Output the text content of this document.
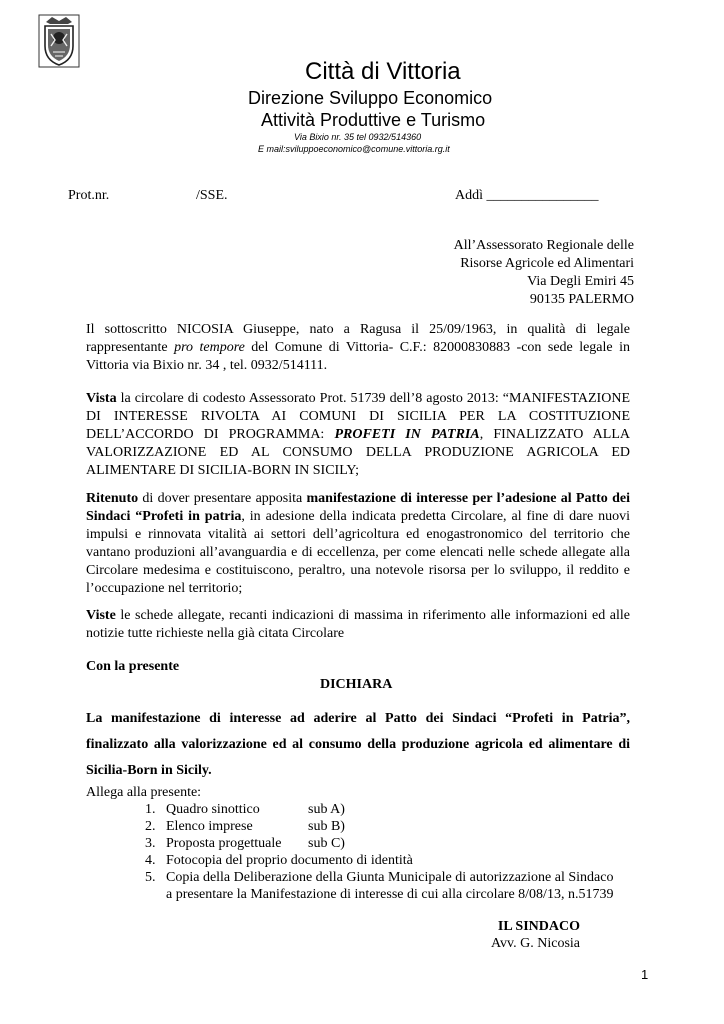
Città di Vittoria
Direzione Sviluppo Economico
Attività Produttive e Turismo
Via Bixio nr. 35 tel 0932/514360
E mail:sviluppoeconomico@comune.vittoria.rg.it
Prot.nr.	/SSE.	Addì ________________
All’Assessorato Regionale delle
Risorse Agricole ed Alimentari
Via Degli Emiri 45
90135 PALERMO
Il sottoscritto NICOSIA Giuseppe, nato a Ragusa il 25/09/1963, in qualità di legale rappresentante pro tempore del Comune di Vittoria- C.F.: 82000830883 -con sede legale in Vittoria via Bixio nr. 34 , tel. 0932/514111.
Vista la circolare di codesto Assessorato Prot. 51739 dell’8 agosto 2013: “MANIFESTAZIONE DI INTERESSE RIVOLTA AI COMUNI DI SICILIA PER LA COSTITUZIONE DELL’ACCORDO DI PROGRAMMA: PROFETI IN PATRIA, FINALIZZATO ALLA VALORIZZAZIONE ED AL CONSUMO DELLA PRODUZIONE AGRICOLA ED ALIMENTARE DI SICILIA-BORN IN SICILY;
Ritenuto di dover presentare apposita manifestazione di interesse per l’adesione al Patto dei Sindaci “Profeti in patria, in adesione della indicata predetta Circolare, al fine di dare nuovi impulsi e rinnovata vitalità ai settori dell’agricoltura ed enogastronomico del territorio che vantano produzioni all’avanguardia e di eccellenza, per come elencati nelle schede allegate alla Circolare medesima e costituiscono, peraltro, una notevole risorsa per lo sviluppo, il reddito e l’occupazione nel territorio;
Viste le schede allegate, recanti indicazioni di massima in riferimento alle informazioni ed alle notizie tutte richieste nella già citata Circolare
Con la presente
DICHIARA
La manifestazione di interesse ad aderire al Patto dei Sindaci “Profeti in Patria”,
finalizzato alla valorizzazione ed al consumo della produzione agricola ed alimentare di
Sicilia-Born in Sicily.
Allega alla presente:
1. Quadro sinottico	sub A)
2. Elenco imprese	sub B)
3. Proposta progettuale sub C)
4. Fotocopia del proprio documento di identità
5. Copia della Deliberazione della Giunta Municipale di autorizzazione al Sindaco
a presentare la Manifestazione di interesse di cui alla circolare 8/08/13, n.51739
IL SINDACO
Avv. G. Nicosia
1
